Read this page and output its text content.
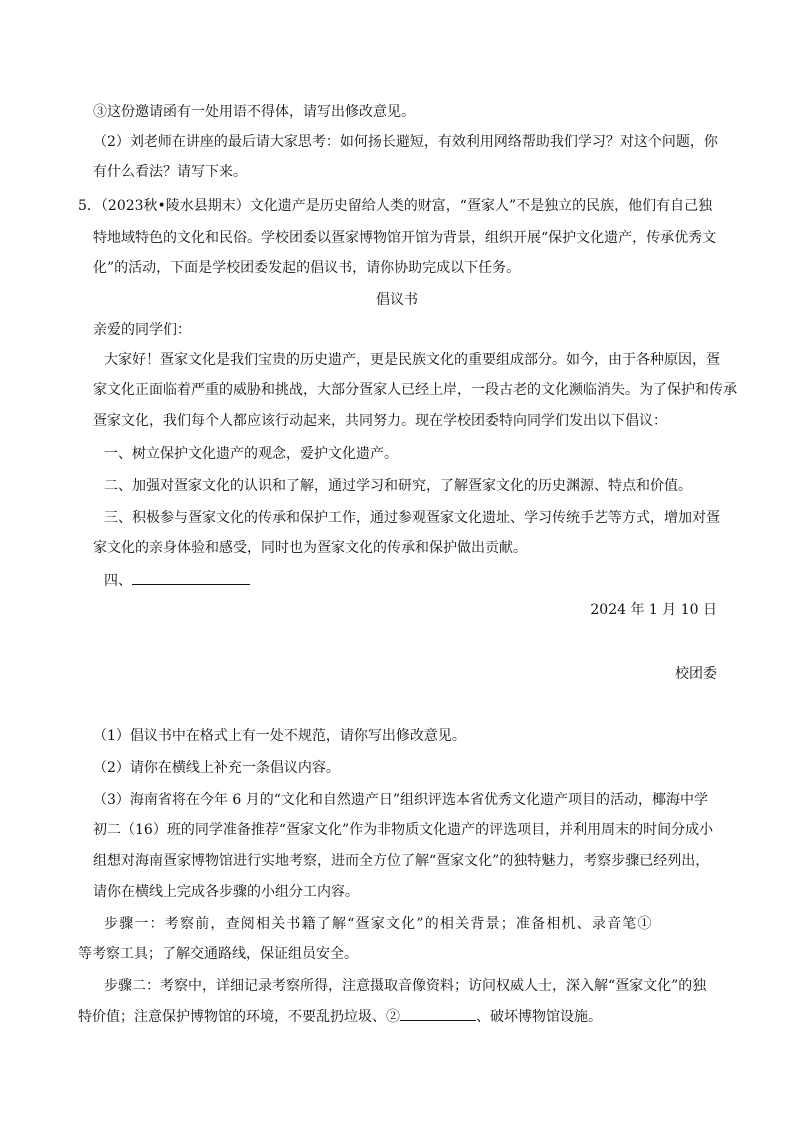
③这份邀请函有一处用语不得体，请写出修改意见。
（2）刘老师在讲座的最后请大家思考：如何扬长避短，有效利用网络帮助我们学习？对这个问题，你
有什么看法？请写下来。
5．（2023秋•陵水县期末）文化遗产是历史留给人类的财富，“疍家人”不是独立的民族，他们有自己独
特地域特色的文化和民俗。学校团委以疍家博物馆开馆为背景，组织开展“保护文化遗产，传承优秀文
化”的活动，下面是学校团委发起的倡议书，请你协助完成以下任务。
倡议书
亲爱的同学们：
大家好！疍家文化是我们宝贵的历史遗产，更是民族文化的重要组成部分。如今，由于各种原因，疍
家文化正面临着严重的威胁和挑战，大部分疍家人已经上岸，一段古老的文化濒临消失。为了保护和传承
疍家文化，我们每个人都应该行动起来，共同努力。现在学校团委特向同学们发出以下倡议：
一、树立保护文化遗产的观念，爱护文化遗产。
二、加强对疍家文化的认识和了解，通过学习和研究，了解疍家文化的历史渊源、特点和价值。
三、积极参与疍家文化的传承和保护工作，通过参观疍家文化遗址、学习传统手艺等方式，增加对疍
家文化的亲身体验和感受，同时也为疍家文化的传承和保护做出贡献。
四、
2024 年 1 月 10 日
校团委
（1）倡议书中在格式上有一处不规范，请你写出修改意见。
（2）请你在横线上补充一条倡议内容。
（3）海南省将在今年 6 月的“文化和自然遗产日”组织评选本省优秀文化遗产项目的活动，椰海中学
初二（16）班的同学准备推荐“疍家文化”作为非物质文化遗产的评选项目，并利用周末的时间分成小
组想对海南疍家博物馆进行实地考察，进而全方位了解“疍家文化”的独特魅力，考察步骤已经列出，
请你在横线上完成各步骤的小组分工内容。
步骤一：考察前，查阅相关书籍了解“疍家文化”的相关背景；准备相机、录音笔①
等考察工具；了解交通路线，保证组员安全。
步骤二：考察中，详细记录考察所得，注意摄取音像资料；访问权威人士，深入解“疍家文化”的独
特价值；注意保护博物馆的环境，不要乱扔垃圾、②	、破坏博物馆设施。
